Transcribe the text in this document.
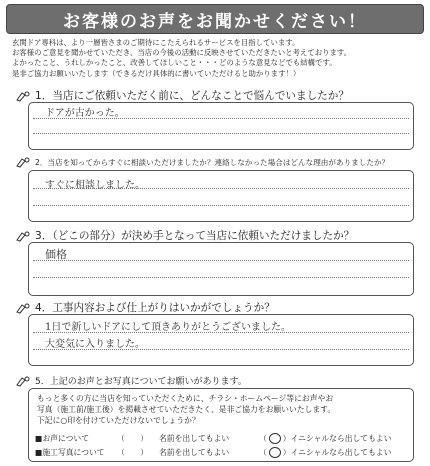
お客様のお声をお聞かせください！

玄関ドア専科は、より一層皆さまのご期待にこたえられるサービスを目指しています。

お客様のご意見を聞かせていただき、当店の今後の活動に反映させていただきたいと考えております。

よかったこと、うれしかったこと、改善してほしいこと・・・どのような意見などでも結構です。

是非ご協力お願いいたします（できるだけ具体的に書いていただけると助かります！）

1．当店にご依頼いただく前に、どんなことで悩んでいましたか？
ドアが古かった。
2．当店を知ってからすぐに相談いただけましたか？連絡しなかった場合はどんな理由がありましたか？
すぐに相談しました。
3．（どこの部分）が決め手となって当店に依頼いただけましたか？
価格
4．工事内容および仕上がりはいかがでしょうか？
1日で新しいドアにして頂きありがとうございました。
大変気に入りました。
5．上記のお声とお写真についてお願いがあります。

もっと多くの方に当店を知っていただくために、チラシ・ホームページ等にお声やお

写真（施工前/施工後）を掲載させていただきたく、是非ご協力をお願いいたします。

下記に○印を付けていただけないでしょうか？

■お声について	（　　）	名前を出してもよい	（ ○ ）イニシャルなら出してもよい
■施工写真について	（　　）	名前を出してもよい	（ ○ ）イニシャルなら出してもよい
